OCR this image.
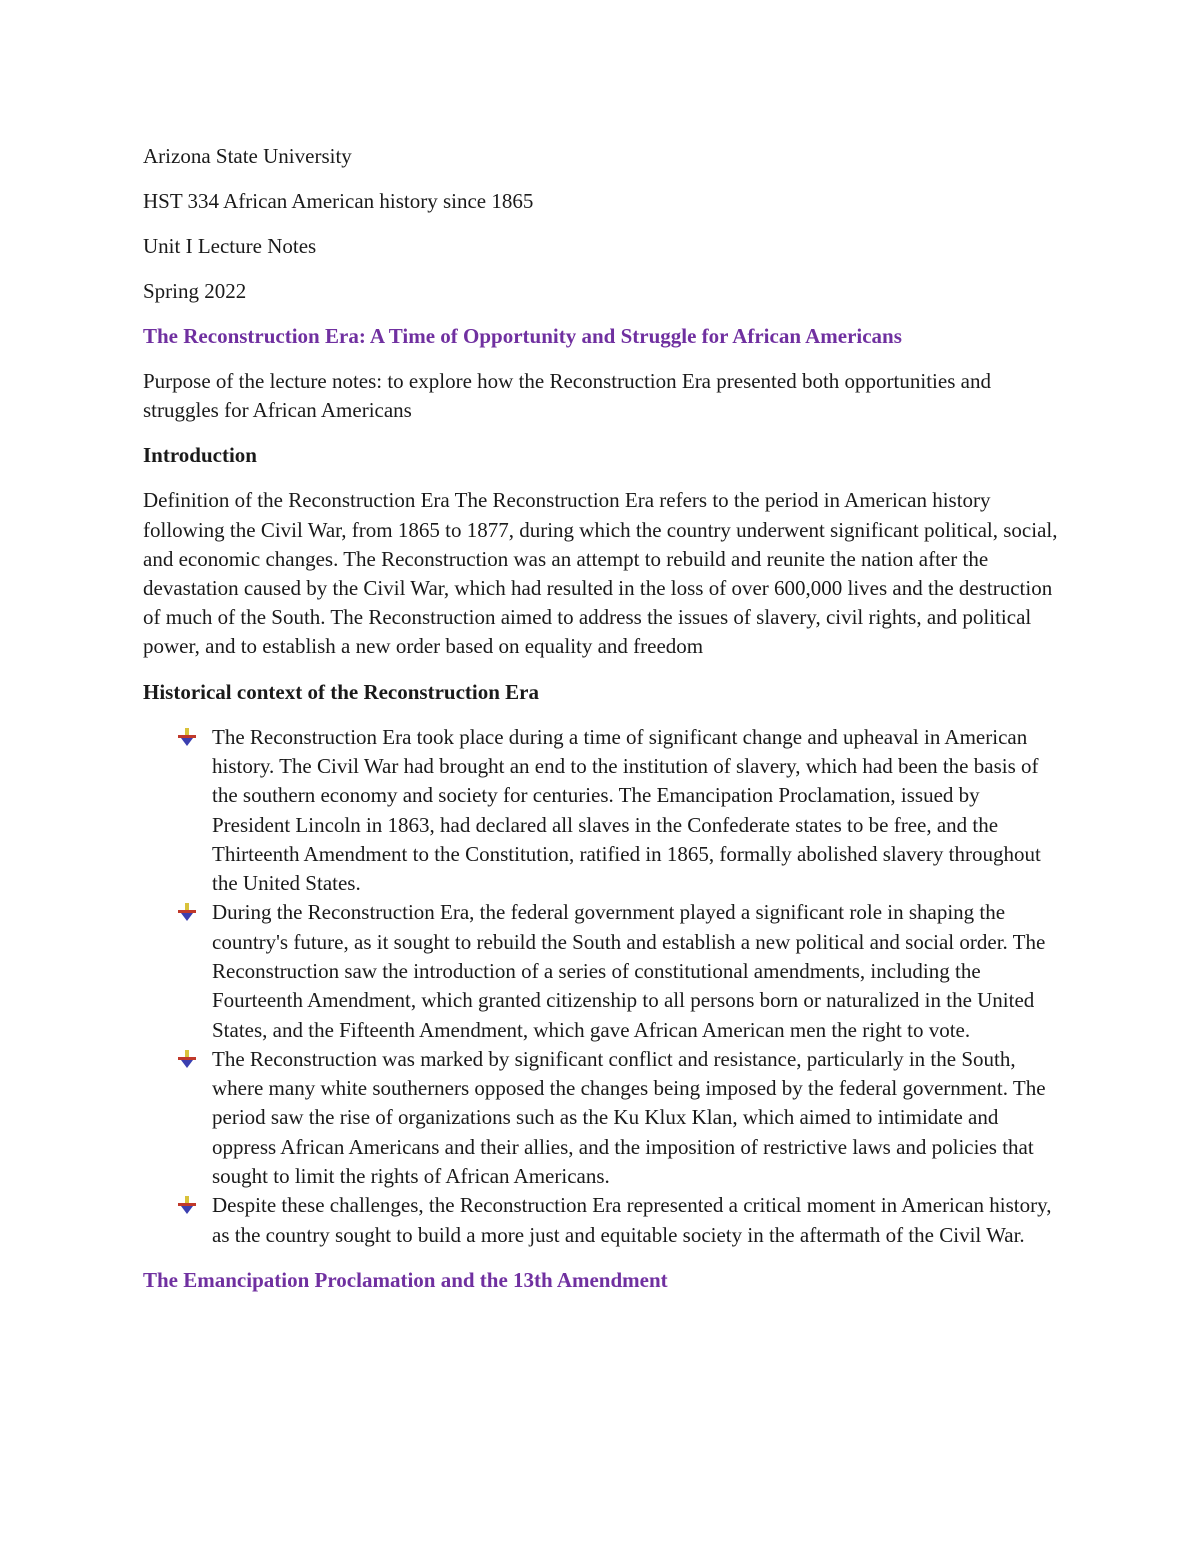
Arizona State University

HST 334 African American history since 1865

Unit I Lecture Notes

Spring 2022

The Reconstruction Era: A Time of Opportunity and Struggle for African Americans

Purpose of the lecture notes: to explore how the Reconstruction Era presented both opportunities and struggles for African Americans

Introduction

Definition of the Reconstruction Era The Reconstruction Era refers to the period in American history following the Civil War, from 1865 to 1877, during which the country underwent significant political, social, and economic changes. The Reconstruction was an attempt to rebuild and reunite the nation after the devastation caused by the Civil War, which had resulted in the loss of over 600,000 lives and the destruction of much of the South. The Reconstruction aimed to address the issues of slavery, civil rights, and political power, and to establish a new order based on equality and freedom

Historical context of the Reconstruction Era
The Reconstruction Era took place during a time of significant change and upheaval in American history. The Civil War had brought an end to the institution of slavery, which had been the basis of the southern economy and society for centuries. The Emancipation Proclamation, issued by President Lincoln in 1863, had declared all slaves in the Confederate states to be free, and the Thirteenth Amendment to the Constitution, ratified in 1865, formally abolished slavery throughout the United States.
During the Reconstruction Era, the federal government played a significant role in shaping the country's future, as it sought to rebuild the South and establish a new political and social order. The Reconstruction saw the introduction of a series of constitutional amendments, including the Fourteenth Amendment, which granted citizenship to all persons born or naturalized in the United States, and the Fifteenth Amendment, which gave African American men the right to vote.
The Reconstruction was marked by significant conflict and resistance, particularly in the South, where many white southerners opposed the changes being imposed by the federal government. The period saw the rise of organizations such as the Ku Klux Klan, which aimed to intimidate and oppress African Americans and their allies, and the imposition of restrictive laws and policies that sought to limit the rights of African Americans.
Despite these challenges, the Reconstruction Era represented a critical moment in American history, as the country sought to build a more just and equitable society in the aftermath of the Civil War.
The Emancipation Proclamation and the 13th Amendment
